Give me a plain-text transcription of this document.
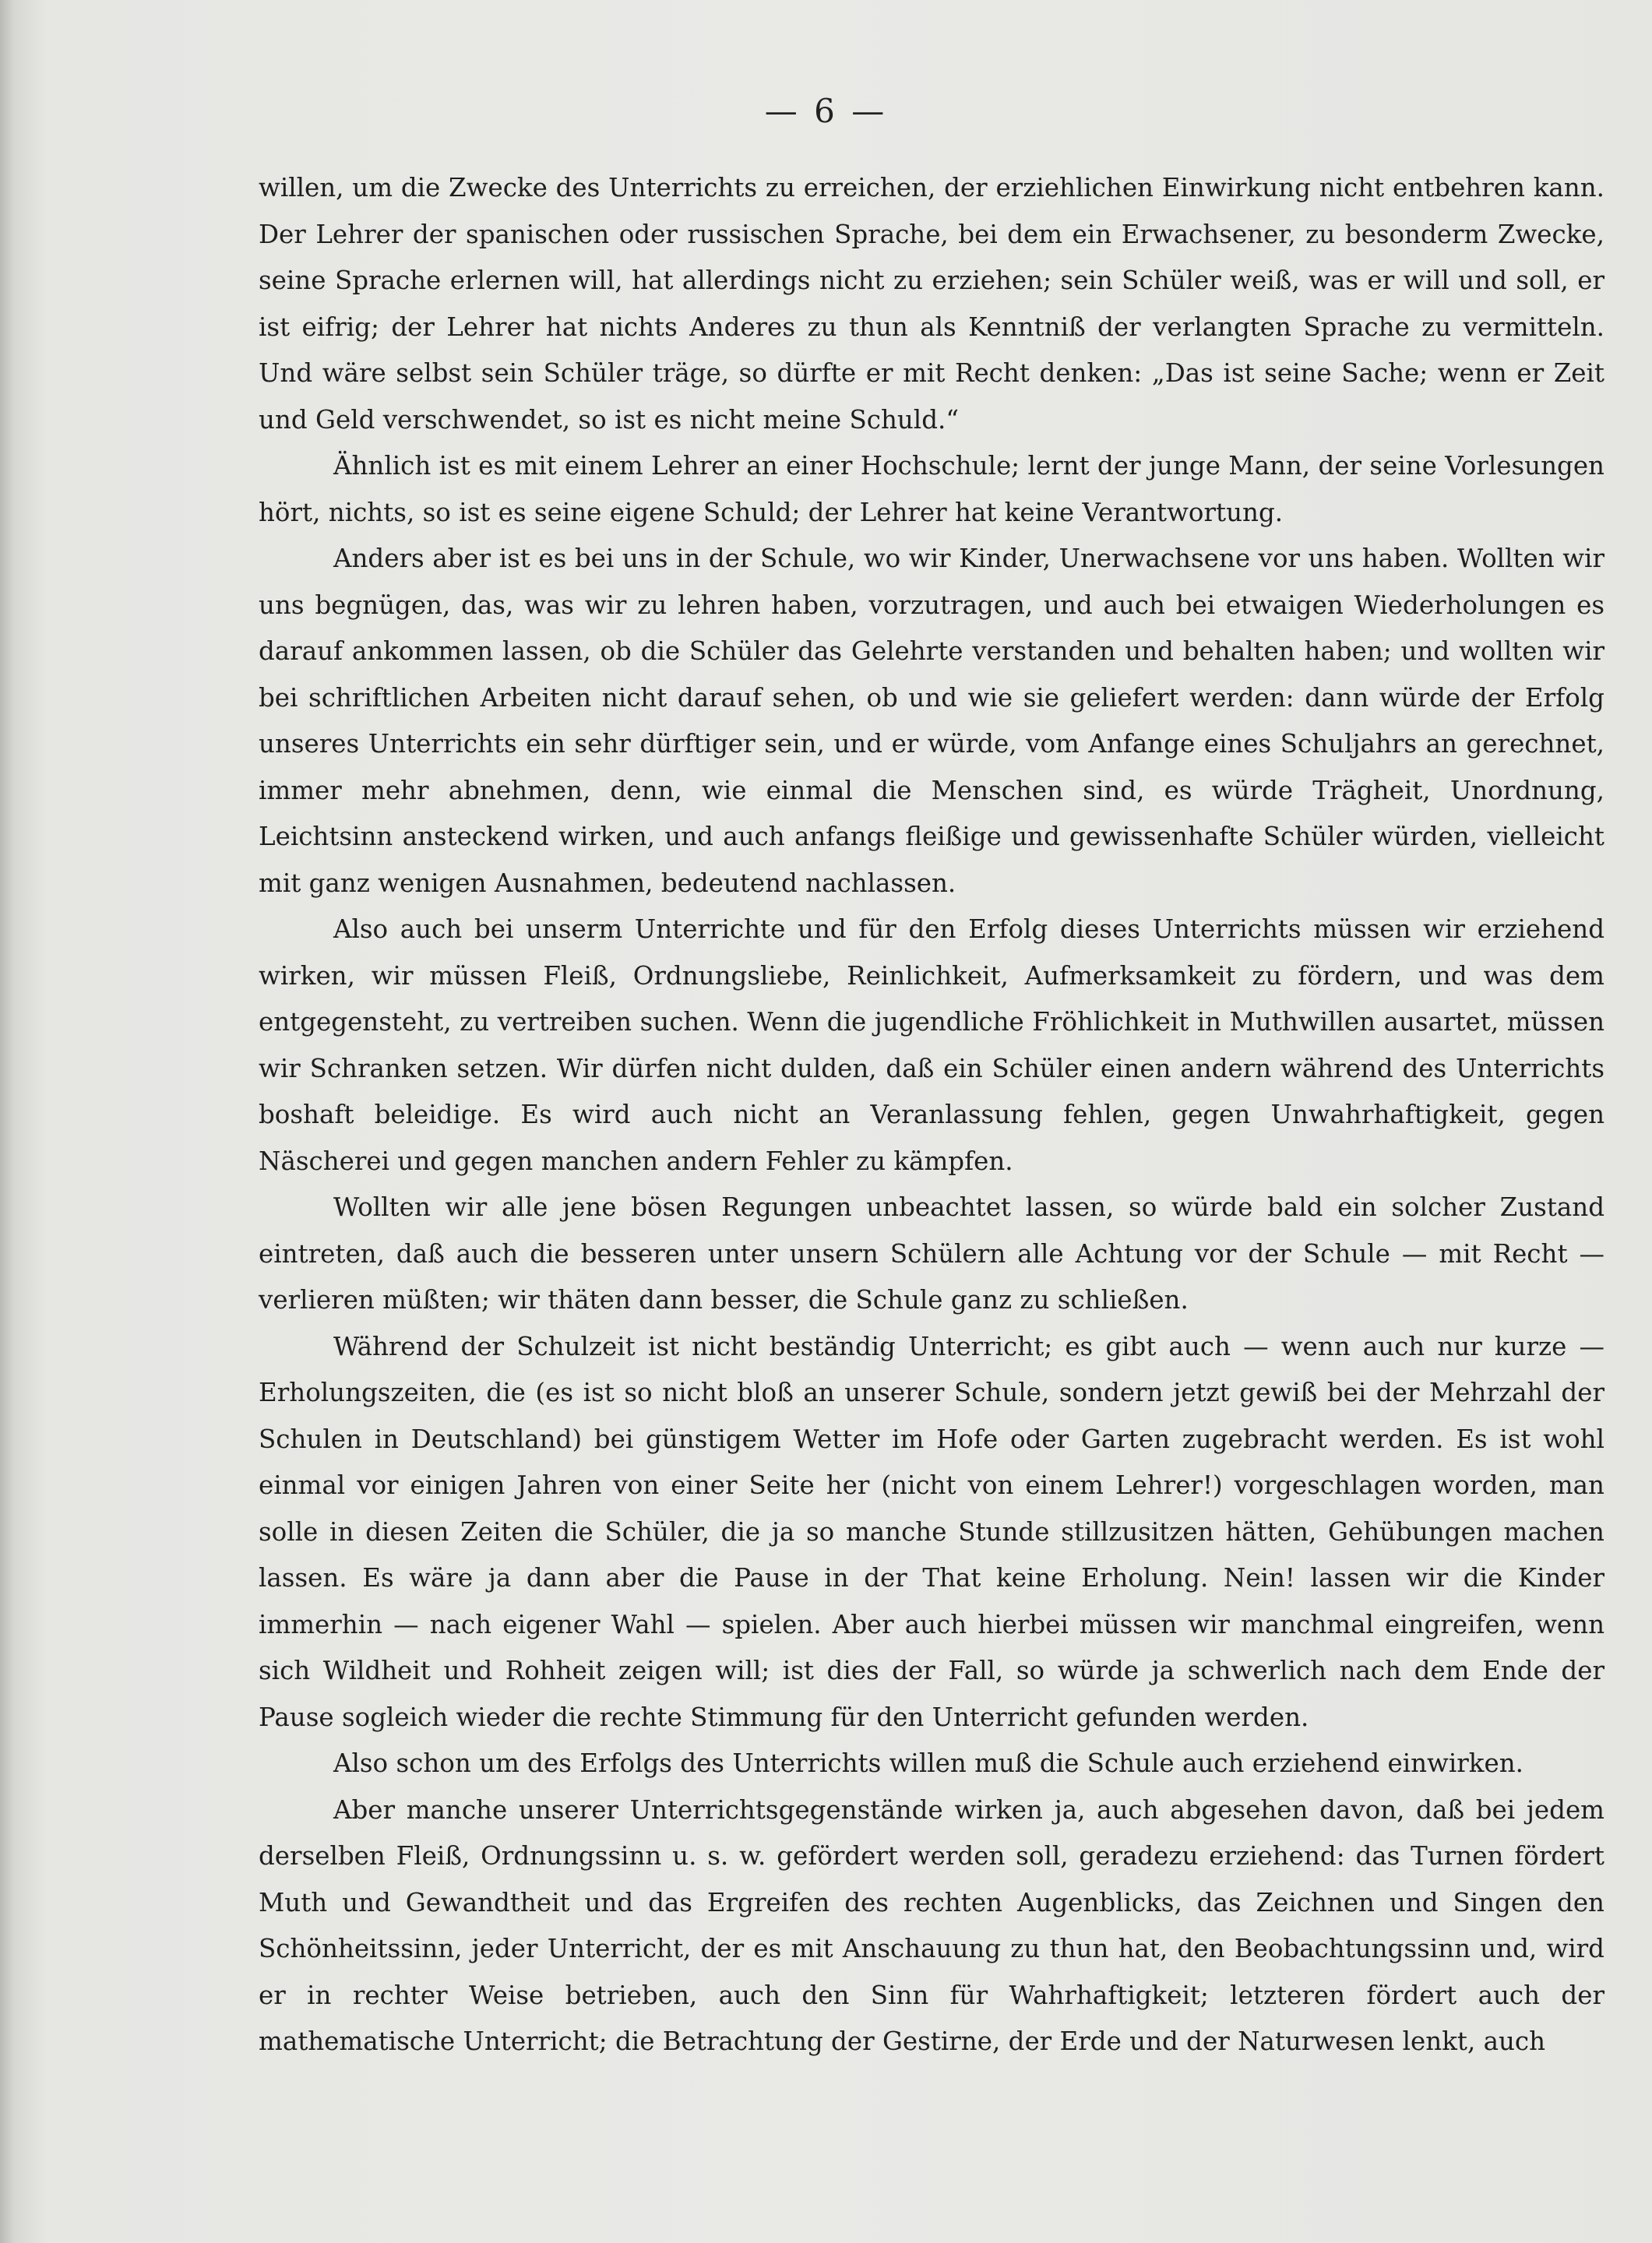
— 6 —

willen, um die Zwecke des Unterrichts zu erreichen, der erziehlichen Einwirkung nicht entbehren kann. Der Lehrer der spanischen oder russischen Sprache, bei dem ein Erwachsener, zu besonderm Zwecke, seine Sprache erlernen will, hat allerdings nicht zu erziehen; sein Schüler weiß, was er will und soll, er ist eifrig; der Lehrer hat nichts Anderes zu thun als Kenntniß der verlangten Sprache zu vermitteln. Und wäre selbst sein Schüler träge, so dürfte er mit Recht denken: „Das ist seine Sache; wenn er Zeit und Geld verschwendet, so ist es nicht meine Schuld.“

Ähnlich ist es mit einem Lehrer an einer Hochschule; lernt der junge Mann, der seine Vorlesungen hört, nichts, so ist es seine eigene Schuld; der Lehrer hat keine Verantwortung.

Anders aber ist es bei uns in der Schule, wo wir Kinder, Unerwachsene vor uns haben. Wollten wir uns begnügen, das, was wir zu lehren haben, vorzutragen, und auch bei etwaigen Wiederholungen es darauf ankommen lassen, ob die Schüler das Gelehrte verstanden und behalten haben; und wollten wir bei schriftlichen Arbeiten nicht darauf sehen, ob und wie sie geliefert werden: dann würde der Erfolg unseres Unterrichts ein sehr dürftiger sein, und er würde, vom Anfange eines Schuljahrs an gerechnet, immer mehr abnehmen, denn, wie einmal die Menschen sind, es würde Trägheit, Unordnung, Leichtsinn ansteckend wirken, und auch anfangs fleißige und gewissenhafte Schüler würden, vielleicht mit ganz wenigen Ausnahmen, bedeutend nachlassen.

Also auch bei unserm Unterrichte und für den Erfolg dieses Unterrichts müssen wir erziehend wirken, wir müssen Fleiß, Ordnungsliebe, Reinlichkeit, Aufmerksamkeit zu fördern, und was dem entgegensteht, zu vertreiben suchen. Wenn die jugendliche Fröhlichkeit in Muthwillen ausartet, müssen wir Schranken setzen. Wir dürfen nicht dulden, daß ein Schüler einen andern während des Unterrichts boshaft beleidige. Es wird auch nicht an Veranlassung fehlen, gegen Unwahrhaftigkeit, gegen Näscherei und gegen manchen andern Fehler zu kämpfen.

Wollten wir alle jene bösen Regungen unbeachtet lassen, so würde bald ein solcher Zustand eintreten, daß auch die besseren unter unsern Schülern alle Achtung vor der Schule — mit Recht — verlieren müßten; wir thäten dann besser, die Schule ganz zu schließen.

Während der Schulzeit ist nicht beständig Unterricht; es gibt auch — wenn auch nur kurze — Erholungszeiten, die (es ist so nicht bloß an unserer Schule, sondern jetzt gewiß bei der Mehrzahl der Schulen in Deutschland) bei günstigem Wetter im Hofe oder Garten zugebracht werden. Es ist wohl einmal vor einigen Jahren von einer Seite her (nicht von einem Lehrer!) vorgeschlagen worden, man solle in diesen Zeiten die Schüler, die ja so manche Stunde stillzusitzen hätten, Gehübungen machen lassen. Es wäre ja dann aber die Pause in der That keine Erholung. Nein! lassen wir die Kinder immerhin — nach eigener Wahl — spielen. Aber auch hierbei müssen wir manchmal eingreifen, wenn sich Wildheit und Rohheit zeigen will; ist dies der Fall, so würde ja schwerlich nach dem Ende der Pause sogleich wieder die rechte Stimmung für den Unterricht gefunden werden.

Also schon um des Erfolgs des Unterrichts willen muß die Schule auch erziehend einwirken.

Aber manche unserer Unterrichtsgegenstände wirken ja, auch abgesehen davon, daß bei jedem derselben Fleiß, Ordnungssinn u. s. w. gefördert werden soll, geradezu erziehend: das Turnen fördert Muth und Gewandtheit und das Ergreifen des rechten Augenblicks, das Zeichnen und Singen den Schönheitssinn, jeder Unterricht, der es mit Anschauung zu thun hat, den Beobachtungssinn und, wird er in rechter Weise betrieben, auch den Sinn für Wahrhaftigkeit; letzteren fördert auch der mathematische Unterricht; die Betrachtung der Gestirne, der Erde und der Naturwesen lenkt, auch
